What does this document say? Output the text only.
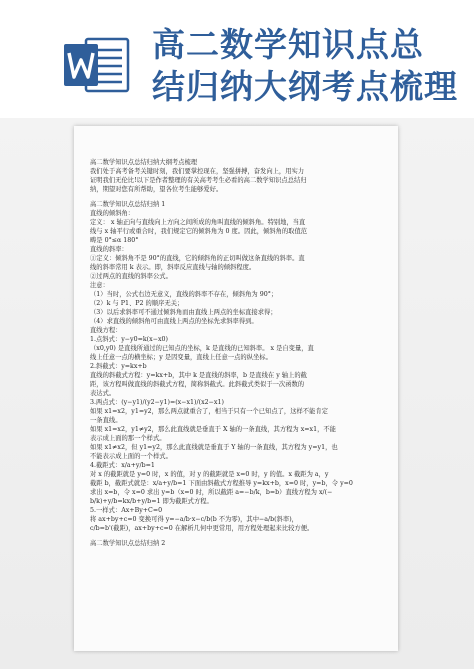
高二数学知识点总
结归纳大纲考点梳理

高二数学知识点总结归纳大纲考点梳理

我们处于高考备考关键时刻，我们要掌控现在，坚强拼搏，奋发向上，用实力

证明我们无伦比!以下是作者整理的有关高考考生必看的高二数学知识点总结归

纳，期望对您有所帮助，望各位考生能够爱好。

高二数学知识点总结归纳 1

直线的倾斜角：

定义： x 轴正向与直线向上方向之间所成的角叫直线的倾斜角。特别地，当直

线与 x 轴平行或重合时，我们规定它的倾斜角为 0 度。因此，倾斜角的取值范

畴是 0°≤α 180°

直线的斜率：

①定义：倾斜角不是 90°的直线，它的倾斜角的正切叫做这条直线的斜率。直

线的斜率常用 k 表示。即，斜率反应直线与轴的倾斜程度。

②过两点的直线的斜率公式。

注意：

（1）当时，公式右边无意义，直线的斜率不存在，倾斜角为 90°；

（2）k 与 P1、P2 的顺序无关；

（3）以后求斜率可不通过倾斜角而由直线上两点的坐标直接求得；

（4）求直线的倾斜角可由直线上两点的坐标先求斜率得到。

直线方程：

1.点斜式：y−y0=k(x−x0)

（x0,y0) 是直线所通过的已知点的坐标，k 是直线的已知斜率。 x 是自变量，直

线上任意一点的横坐标；y 是因变量，直线上任意一点的纵坐标。

2.斜截式：y=kx+b

直线的斜截式方程：y=kx+b，其中 k 是直线的斜率，b 是直线在 y 轴上的截

距，该方程叫做直线的斜截式方程，简称斜截式。此斜截式类似于一次函数的

表达式。

3.两点式：(y−y1)/(y2−y1)=(x−x1)/(x2−x1)

如果 x1=x2，y1=y2，那么两点就重合了，相当于只有一个已知点了，这样不能肯定

一条直线。

如果 x1=x2，y1≠y2，那么此直线就是垂直于 X 轴的一条直线，其方程为 x=x1，不能

表示成上面的那一个样式。

如果 x1≠x2，但 y1=y2，那么此直线就是垂直于 Y 轴的一条直线，其方程为 y=y1，也

不能表示成上面的一个样式。

4.截距式：x/a+y/b=1

对 x 的截距就是 y=0 时，x 的值，对 y 的截距就是 x=0 时，y 的值。x 截距为 a，y

截距 b，截距式就是：x/a+y/b=1 下面由斜截式方程推导 y=kx+b，x=0 时，y=b，令 y=0

求出 x=b，令 x=0 求出 y=b（x=0 时，所以截距 a=−b/k，b=b）直线方程为 x/(−

b/k)+y/b=kx/b+y/b=1 即为截距式方程。

5.一样式：Ax+By+C=0

将 ax+by+c=0 变换可得 y=−a/b·x−c/b(b 不为零)，其中−a/b(斜率)，

c/b=b'(截距)，ax+by+c=0 在解析几何中更常用，用方程处理起来比较方便。

高二数学知识点总结归纳 2
